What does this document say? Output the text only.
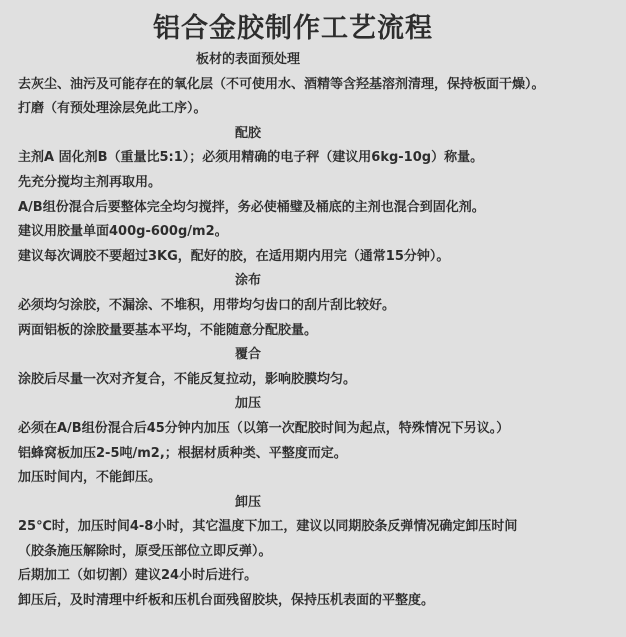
铝合金胶制作工艺流程
板材的表面预处理
去灰尘、油污及可能存在的氧化层（不可使用水、酒精等含羟基溶剂清理，保持板面干燥）。
打磨（有预处理涂层免此工序）。
配胶
主剂A 固化剂B（重量比5:1）；必须用精确的电子秤（建议用6kg-10g）称量。
先充分搅均主剂再取用。
A/B组份混合后要整体完全均匀搅拌，务必使桶璧及桶底的主剂也混合到固化剂。
建议用胶量单面400g-600g/m2。
建议每次调胶不要超过3KG，配好的胶，在适用期内用完（通常15分钟）。
涂布
必须均匀涂胶，不漏涂、不堆积，用带均匀齿口的刮片刮比较好。
两面铝板的涂胶量要基本平均，不能随意分配胶量。
覆合
涂胶后尽量一次对齐复合，不能反复拉动，影响胶膜均匀。
加压
必须在A/B组份混合后45分钟内加压（以第一次配胶时间为起点，特殊情况下另议。）
铝蜂窝板加压2-5吨/m2,；根据材质种类、平整度而定。
加压时间内，不能卸压。
卸压
25℃时，加压时间4-8小时，其它温度下加工，建议以同期胶条反弹情况确定卸压时间
（胶条施压解除时，原受压部位立即反弹）。
后期加工（如切割）建议24小时后进行。
卸压后，及时清理中纤板和压机台面残留胶块，保持压机表面的平整度。
